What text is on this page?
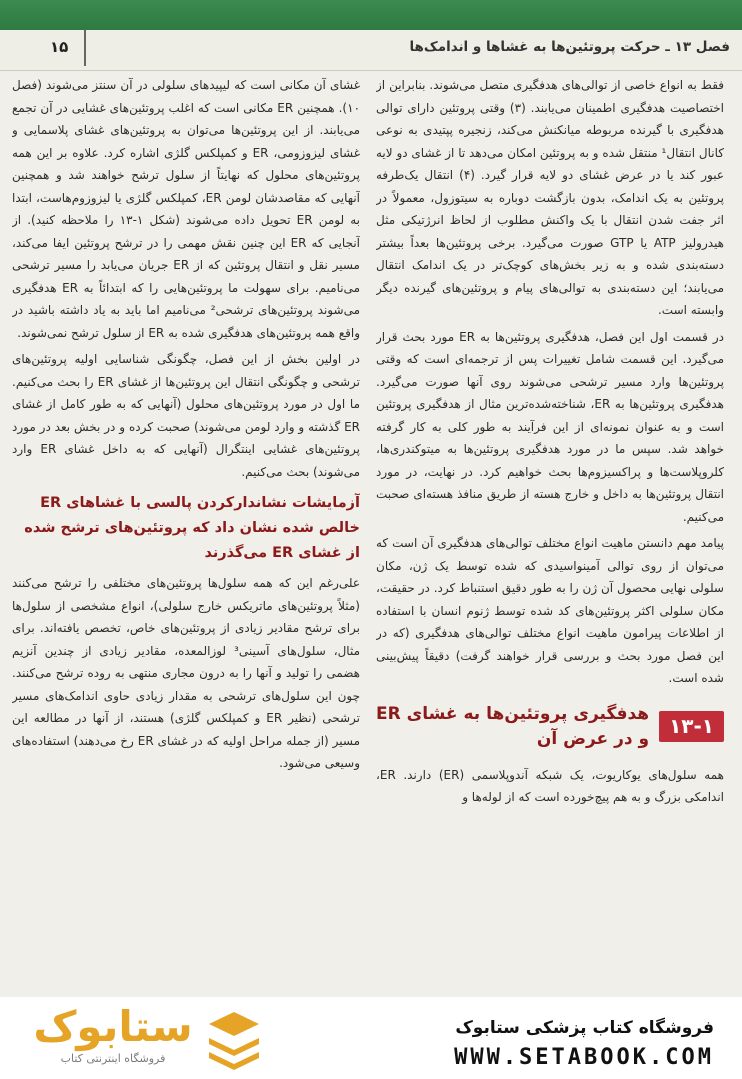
۱۵	فصل ۱۳ ـ حرکت پروتئین‌ها به غشاها و اندامک‌ها

فقط به انواع خاصی از توالی‌های هدفگیری متصل می‌شوند. بنابراین از اختصاصیت هدفگیری اطمینان می‌یابند. (۳) وقتی پروتئین دارای توالی هدفگیری با گیرنده مربوطه میانکنش می‌کند، زنجیره پپتیدی به نوعی کانال انتقال¹ منتقل شده و به پروتئین امکان می‌دهد تا از غشای دو لایه عبور کند یا در عرض غشای دو لایه قرار گیرد. (۴) انتقال یک‌طرفه پروتئین به یک اندامک، بدون بازگشت دوباره به سیتوزول، معمولاً در اثر جفت شدن انتقال با یک واکنش مطلوب از لحاظ انرژتیکی مثل هیدرولیز ATP یا GTP صورت می‌گیرد. برخی پروتئین‌ها بعداً بیشتر دسته‌بندی شده و به زیر بخش‌های کوچک‌تر در یک اندامک انتقال می‌یابند؛ این دسته‌بندی به توالی‌های پیام و پروتئین‌های گیرنده دیگر وابسته است.

در قسمت اول این فصل، هدفگیری پروتئین‌ها به ER مورد بحث قرار می‌گیرد. این قسمت شامل تغییرات پس از ترجمه‌ای است که وقتی پروتئین‌ها وارد مسیر ترشحی می‌شوند روی آنها صورت می‌گیرد. هدفگیری پروتئین‌ها به ER، شناخته‌شده‌ترین مثال از هدفگیری پروتئین است و به عنوان نمونه‌ای از این فرآیند به طور کلی به کار گرفته خواهد شد. سپس ما در مورد هدفگیری پروتئین‌ها به میتوکندری‌ها، کلروپلاست‌ها و پراکسیزوم‌ها بحث خواهیم کرد. در نهایت، در مورد انتقال پروتئین‌ها به داخل و خارج هسته از طریق منافذ هسته‌ای صحبت می‌کنیم.

پیامد مهم دانستن ماهیت انواع مختلف توالی‌های هدفگیری آن است که می‌توان از روی توالی آمینواسیدی که شده توسط یک ژن، مکان سلولی نهایی محصول آن ژن را به طور دقیق استنباط کرد. در حقیقت، مکان سلولی اکثر پروتئین‌های کد شده توسط ژنوم انسان با استفاده از اطلاعات پیرامون ماهیت انواع مختلف توالی‌های هدفگیری (که در این فصل مورد بحث و بررسی قرار خواهند گرفت) دقیقاً پیش‌بینی شده است.

۱۳-۱
هدفگیری پروتئین‌ها به غشای ER و در عرض آن

همه سلول‌های یوکاریوت، یک شبکه آندوپلاسمی (ER) دارند. ER، اندامکی بزرگ و به هم پیچ‌خورده است که از لوله‌ها و

غشای آن مکانی است که لیپیدهای سلولی در آن سنتز می‌شوند (فصل ۱۰). همچنین ER مکانی است که اغلب پروتئین‌های غشایی در آن تجمع می‌یابند. از این پروتئین‌ها می‌توان به پروتئین‌های غشای پلاسمایی و غشای لیزوزومی، ER و کمپلکس گلژی اشاره کرد. علاوه بر این همه پروتئین‌های محلول که نهایتاً از سلول ترشح خواهند شد و همچنین آنهایی که مقاصدشان لومن ER، کمپلکس گلژی یا لیزوزوم‌هاست، ابتدا به لومن ER تحویل داده می‌شوند (شکل ۱-۱۳ را ملاحظه کنید). از آنجایی که ER این چنین نقش مهمی را در ترشح پروتئین ایفا می‌کند، مسیر نقل و انتقال پروتئین که از ER جریان می‌یابد را مسیر ترشحی می‌نامیم. برای سهولت ما پروتئین‌هایی را که ابتدائاً به ER هدفگیری می‌شوند پروتئین‌های ترشحی² می‌نامیم اما باید به یاد داشته باشید در واقع همه پروتئین‌های هدفگیری شده به ER از سلول ترشح نمی‌شوند.

در اولین بخش از این فصل، چگونگی شناسایی اولیه پروتئین‌های ترشحی و چگونگی انتقال این پروتئین‌ها از غشای ER را بحث می‌کنیم. ما اول در مورد پروتئین‌های محلول (آنهایی که به طور کامل از غشای ER گذشته و وارد لومن می‌شوند) صحبت کرده و در بخش بعد در مورد پروتئین‌های غشایی اینتگرال (آنهایی که به داخل غشای ER وارد می‌شوند) بحث می‌کنیم.

آزمایشات نشاندارکردن پالسی با غشاهای ER خالص شده نشان داد که پروتئین‌های ترشح شده از غشای ER می‌گذرند

علی‌رغم این که همه سلول‌ها پروتئین‌های مختلفی را ترشح می‌کنند (مثلاً پروتئین‌های ماتریکس خارج سلولی)، انواع مشخصی از سلول‌ها برای ترشح مقادیر زیادی از پروتئین‌های خاص، تخصص یافته‌اند. برای مثال، سلول‌های آسینی³ لوزالمعده، مقادیر زیادی از چندین آنزیم هضمی را تولید و آنها را به درون مجاری منتهی به روده ترشح می‌کنند. چون این سلول‌های ترشحی به مقدار زیادی حاوی اندامک‌های مسیر ترشحی (نظیر ER و کمپلکس گلژی) هستند، از آنها در مطالعه این مسیر (از جمله مراحل اولیه که در غشای ER رخ می‌دهند) استفاده‌های وسیعی می‌شود.

ستابوک
فروشگاه اینترنتی کتاب
فروشگاه کتاب پزشکی ستابوک
WWW.SETABOOK.COM
